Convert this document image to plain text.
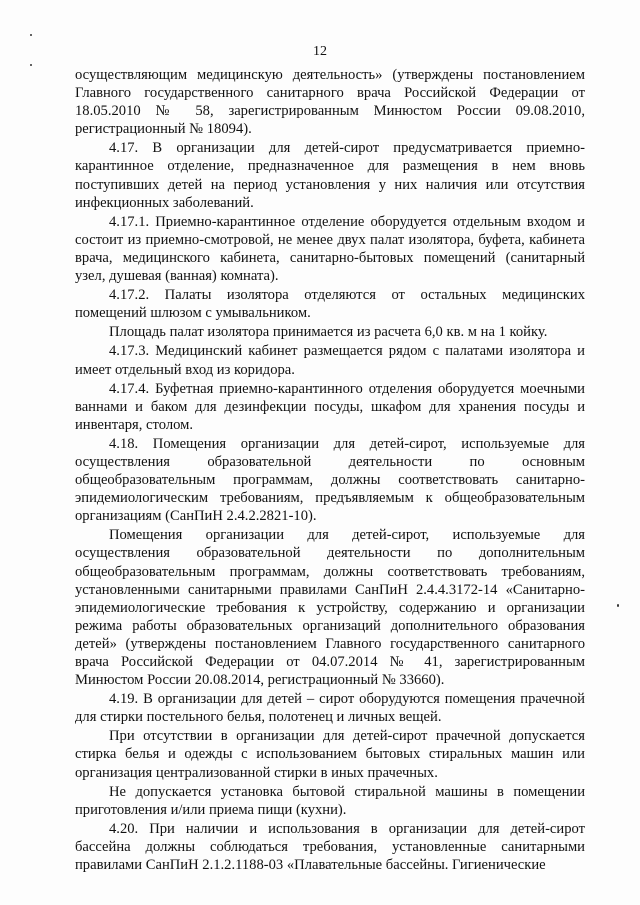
12

осуществляющим медицинскую деятельность» (утверждены постановлением Главного государственного санитарного врача Российской Федерации от 18.05.2010 № 58, зарегистрированным Минюстом России 09.08.2010, регистрационный № 18094).

4.17. В организации для детей-сирот предусматривается приемно-карантинное отделение, предназначенное для размещения в нем вновь поступивших детей на период установления у них наличия или отсутствия инфекционных заболеваний.

4.17.1. Приемно-карантинное отделение оборудуется отдельным входом и состоит из приемно-смотровой, не менее двух палат изолятора, буфета, кабинета врача, медицинского кабинета, санитарно-бытовых помещений (санитарный узел, душевая (ванная) комната).

4.17.2. Палаты изолятора отделяются от остальных медицинских помещений шлюзом с умывальником.

Площадь палат изолятора принимается из расчета 6,0 кв. м на 1 койку.

4.17.3. Медицинский кабинет размещается рядом с палатами изолятора и имеет отдельный вход из коридора.

4.17.4. Буфетная приемно-карантинного отделения оборудуется моечными ваннами и баком для дезинфекции посуды, шкафом для хранения посуды и инвентаря, столом.

4.18. Помещения организации для детей-сирот, используемые для осуществления образовательной деятельности по основным общеобразовательным программам, должны соответствовать санитарно-эпидемиологическим требованиям, предъявляемым к общеобразовательным организациям (СанПиН 2.4.2.2821-10).

Помещения организации для детей-сирот, используемые для осуществления образовательной деятельности по дополнительным общеобразовательным программам, должны соответствовать требованиям, установленными санитарными правилами СанПиН 2.4.4.3172-14 «Санитарно-эпидемиологические требования к устройству, содержанию и организации режима работы образовательных организаций дополнительного образования детей» (утверждены постановлением Главного государственного санитарного врача Российской Федерации от 04.07.2014 № 41, зарегистрированным Минюстом России 20.08.2014, регистрационный № 33660).

4.19. В организации для детей – сирот оборудуются помещения прачечной для стирки постельного белья, полотенец и личных вещей.

При отсутствии в организации для детей-сирот прачечной допускается стирка белья и одежды с использованием бытовых стиральных машин или организация централизованной стирки в иных прачечных.

Не допускается установка бытовой стиральной машины в помещении приготовления и/или приема пищи (кухни).

4.20. При наличии и использования в организации для детей-сирот бассейна должны соблюдаться требования, установленные санитарными правилами СанПиН 2.1.2.1188-03 «Плавательные бассейны. Гигиенические
